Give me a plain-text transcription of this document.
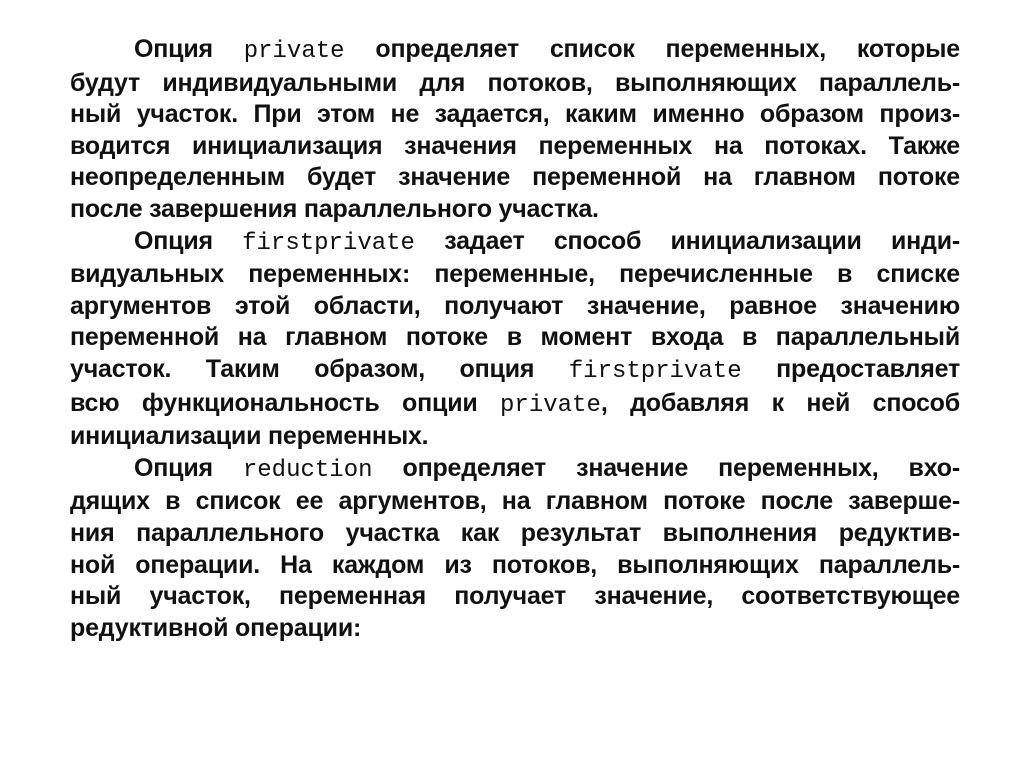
Опция private определяет список переменных, которые
будут индивидуальными для потоков, выполняющих параллель-
ный участок. При этом не задается, каким именно образом произ-
водится инициализация значения переменных на потоках. Также
неопределенным будет значение переменной на главном потоке
после завершения параллельного участка.
Опция firstprivate задает способ инициализации инди-
видуальных переменных: переменные, перечисленные в списке
аргументов этой области, получают значение, равное значению
переменной на главном потоке в момент входа в параллельный
участок. Таким образом, опция firstprivate предоставляет
всю функциональность опции private, добавляя к ней способ
инициализации переменных.
Опция reduction определяет значение переменных, вхо-
дящих в список ее аргументов, на главном потоке после заверше-
ния параллельного участка как результат выполнения редуктив-
ной операции. На каждом из потоков, выполняющих параллель-
ный участок, переменная получает значение, соответствующее
редуктивной операции:
